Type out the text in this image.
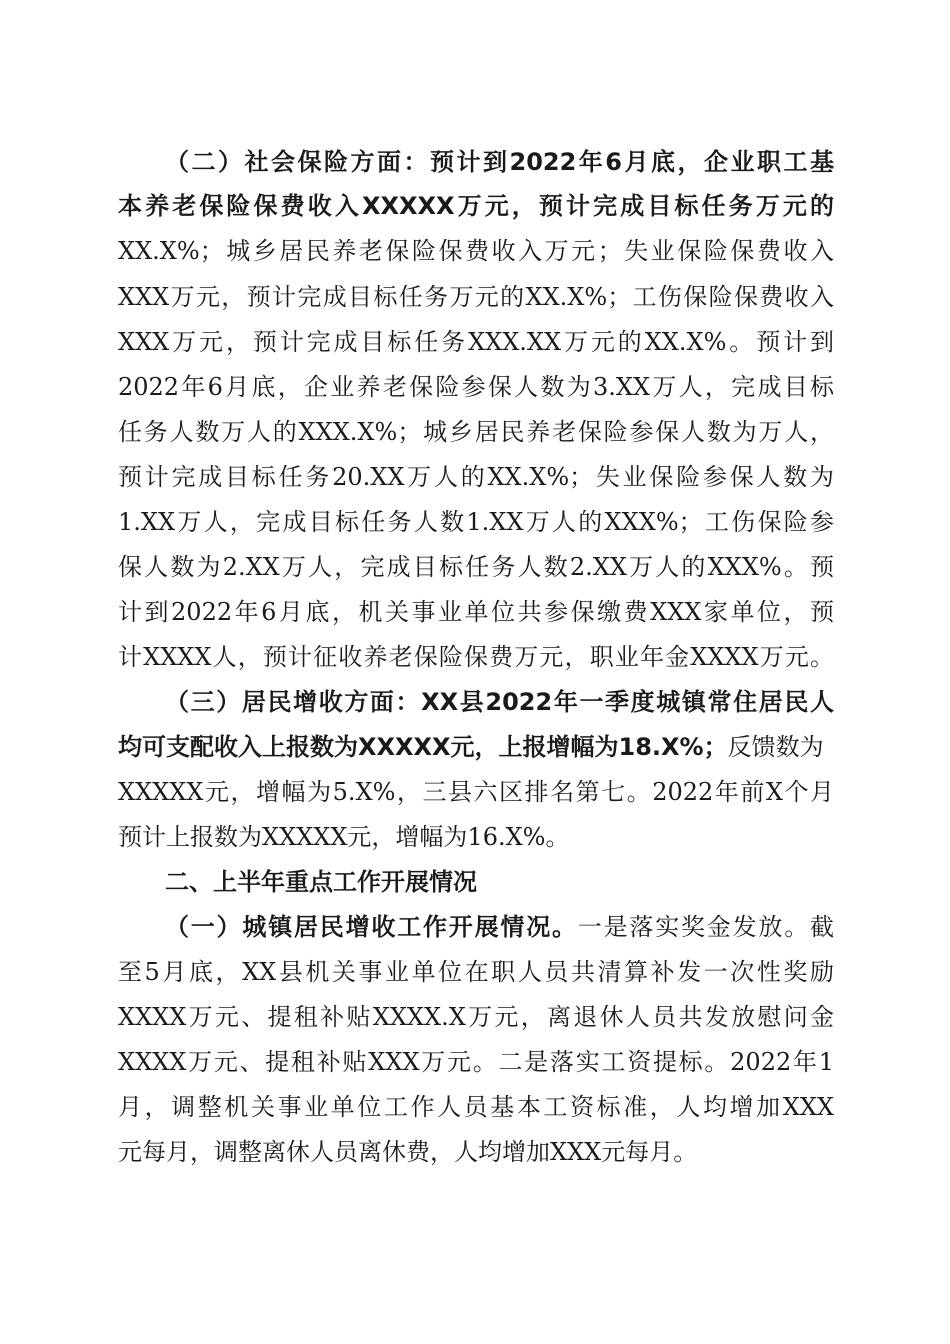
（二）社会保险方面：预计到2022年6月底，企业职工基
本养老保险保费收入XXXXX万元，预计完成目标任务万元的
XX.X%；城乡居民养老保险保费收入万元；失业保险保费收入
XXX万元，预计完成目标任务万元的XX.X%；工伤保险保费收入
XXX万元，预计完成目标任务XXX.XX万元的XX.X%。预计到
2022年6月底，企业养老保险参保人数为3.XX万人，完成目标
任务人数万人的XXX.X%；城乡居民养老保险参保人数为万人，
预计完成目标任务20.XX万人的XX.X%；失业保险参保人数为
1.XX万人，完成目标任务人数1.XX万人的XXX%；工伤保险参
保人数为2.XX万人，完成目标任务人数2.XX万人的XXX%。预
计到2022年6月底，机关事业单位共参保缴费XXX家单位，预
计XXXX人，预计征收养老保险保费万元，职业年金XXXX万元。
（三）居民增收方面：XX县2022年一季度城镇常住居民人
均可支配收入上报数为XXXXX元，上报增幅为18.X%；反馈数为
XXXXX元，增幅为5.X%，三县六区排名第七。2022年前X个月
预计上报数为XXXXX元，增幅为16.X%。
二、上半年重点工作开展情况
（一）城镇居民增收工作开展情况。一是落实奖金发放。截
至5月底，XX县机关事业单位在职人员共清算补发一次性奖励
XXXX万元、提租补贴XXXX.X万元，离退休人员共发放慰问金
XXXX万元、提租补贴XXX万元。二是落实工资提标。2022年1
月，调整机关事业单位工作人员基本工资标准，人均增加XXX
元每月，调整离休人员离休费，人均增加XXX元每月。
